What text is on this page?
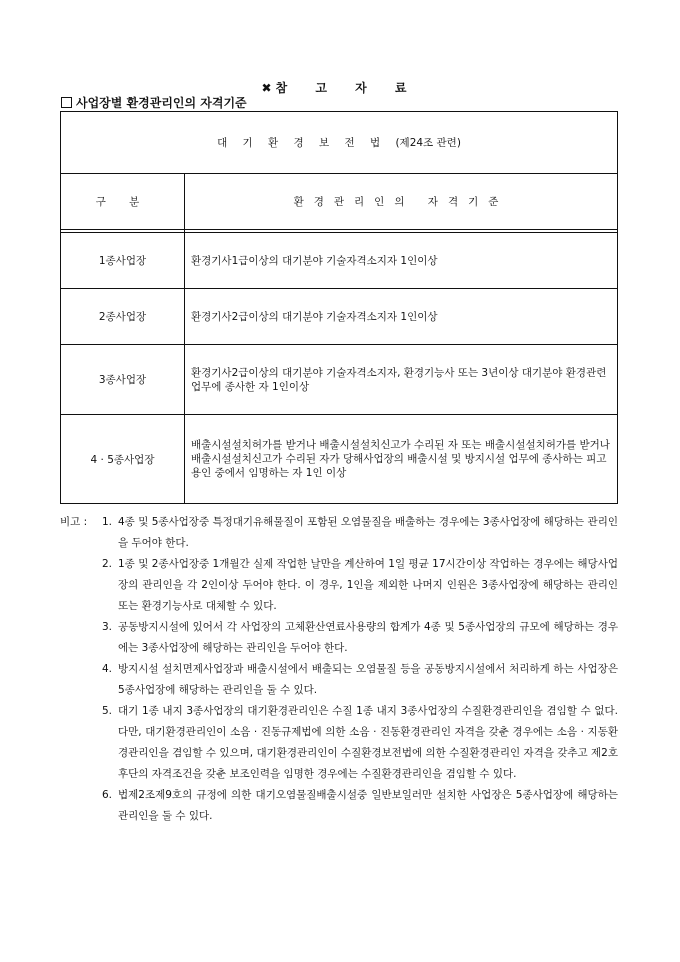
✖ 참 고 자 료
사업장별 환경관리인의 자격기준
대 기 환 경 보 전 법 (제24조 관련)	
구 분	환경관리인의 자격기준

1종사업장	환경기사1급이상의 대기분야 기술자격소지자 1인이상
2종사업장	환경기사2급이상의 대기분야 기술자격소지자 1인이상
3종사업장	환경기사2급이상의 대기분야 기술자격소지자, 환경기능사 또는 3년이상 대기분야 환경관련업무에 종사한 자 1인이상
4 · 5종사업장	배출시설설치허가를 받거나 배출시설설치신고가 수리된 자 또는 배출시설설치허가를 받거나 배출시설설치신고가 수리된 자가 당해사업장의 배출시설 및 방지시설 업무에 종사하는 피고용인 중에서 임명하는 자 1인 이상
비고 : 1. 4종 및 5종사업장중 특정대기유해물질이 포함된 오염물질을 배출하는 경우에는 3종사업장에 해당하는 관리인을 두어야 한다.
2. 1종 및 2종사업장중 1개월간 실제 작업한 날만을 계산하여 1일 평균 17시간이상 작업하는 경우에는 해당사업장의 관리인을 각 2인이상 두어야 한다. 이 경우, 1인을 제외한 나머지 인원은 3종사업장에 해당하는 관리인 또는 환경기능사로 대체할 수 있다.
3. 공동방지시설에 있어서 각 사업장의 고체환산연료사용량의 합계가 4종 및 5종사업장의 규모에 해당하는 경우에는 3종사업장에 해당하는 관리인을 두어야 한다.
4. 방지시설 설치면제사업장과 배출시설에서 배출되는 오염물질 등을 공동방지시설에서 처리하게 하는 사업장은 5종사업장에 해당하는 관리인을 둘 수 있다.
5. 대기 1종 내지 3종사업장의 대기환경관리인은 수질 1종 내지 3종사업장의 수질환경관리인을 겸임할 수 없다. 다만, 대기환경관리인이 소음 · 진동규제법에 의한 소음 · 진동환경관리인 자격을 갖춘 경우에는 소음 · 지동환경관리인을 겸임할 수 있으며, 대기환경관리인이 수질환경보전법에 의한 수질환경관리인 자격을 갖추고 제2호 후단의 자격조건을 갖춘 보조인력을 임명한 경우에는 수질환경관리인을 겸임할 수 있다.
6. 법제2조제9호의 규정에 의한 대기오염물질배출시설중 일반보일러만 설치한 사업장은 5종사업장에 해당하는 관리인을 둘 수 있다.
